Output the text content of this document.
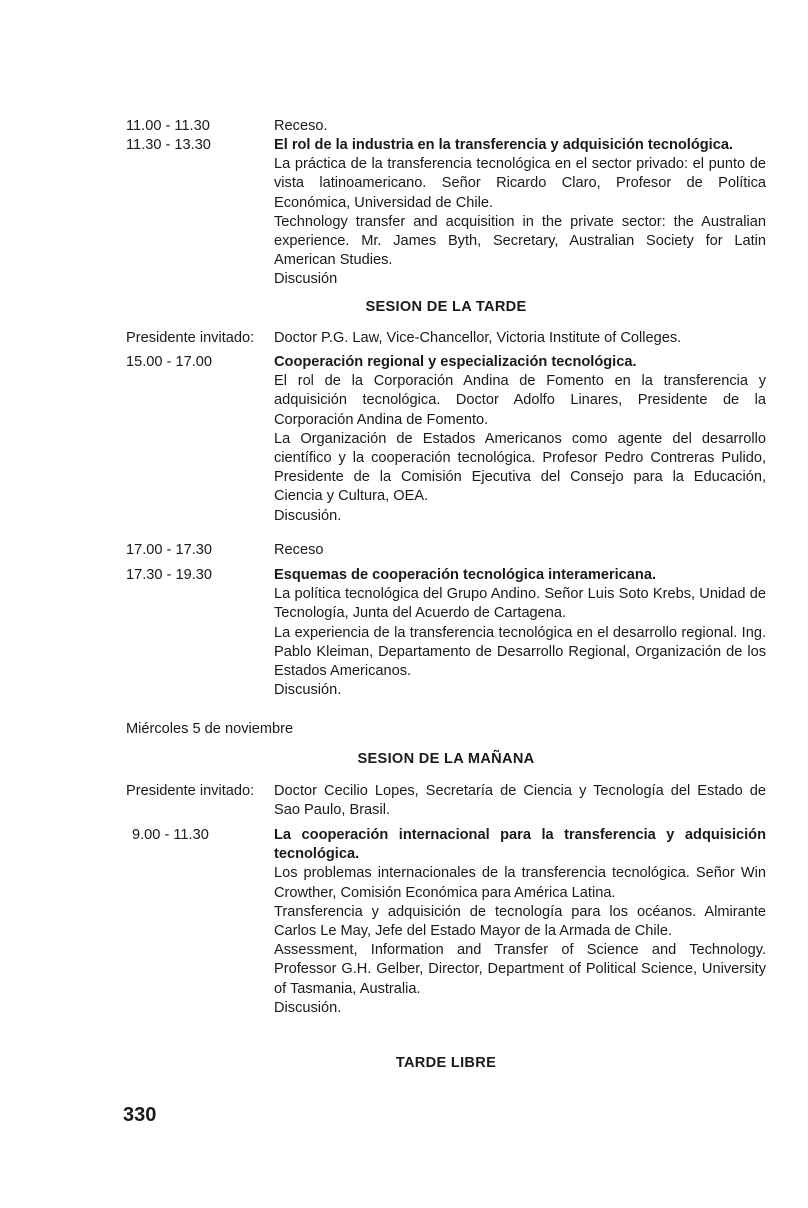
11.00 - 11.30	Receso.
11.30 - 13.30	El rol de la industria en la transferencia y adquisición tecnológica.
La práctica de la transferencia tecnológica en el sector privado: el punto de vista latinoamericano. Señor Ricardo Claro, Profesor de Política Económica, Universidad de Chile.
Technology transfer and acquisition in the private sector: the Australian experience. Mr. James Byth, Secretary, Australian Society for Latin American Studies.
Discusión
SESION DE LA TARDE
Presidente invitado: Doctor P.G. Law, Vice-Chancellor, Victoria Institute of Colleges.
15.00 - 17.00	Cooperación regional y especialización tecnológica.
El rol de la Corporación Andina de Fomento en la transferencia y adquisición tecnológica. Doctor Adolfo Linares, Presidente de la Corporación Andina de Fomento.
La Organización de Estados Americanos como agente del desarrollo científico y la cooperación tecnológica. Profesor Pedro Contreras Pulido, Presidente de la Comisión Ejecutiva del Consejo para la Educación, Ciencia y Cultura, OEA.
Discusión.
17.00 - 17.30	Receso
17.30 - 19.30	Esquemas de cooperación tecnológica interamericana.
La política tecnológica del Grupo Andino. Señor Luis Soto Krebs, Unidad de Tecnología, Junta del Acuerdo de Cartagena.
La experiencia de la transferencia tecnológica en el desarrollo regional. Ing. Pablo Kleiman, Departamento de Desarrollo Regional, Organización de los Estados Americanos.
Discusión.
Miércoles 5 de noviembre
SESION DE LA MAÑANA
Presidente invitado: Doctor Cecilio Lopes, Secretaría de Ciencia y Tecnología del Estado de Sao Paulo, Brasil.
9.00 - 11.30	La cooperación internacional para la transferencia y adquisición tecnológica.
Los problemas internacionales de la transferencia tecnológica. Señor Win Crowther, Comisión Económica para América Latina.
Transferencia y adquisición de tecnología para los océanos. Almirante Carlos Le May, Jefe del Estado Mayor de la Armada de Chile.
Assessment, Information and Transfer of Science and Technology. Professor G.H. Gelber, Director, Department of Political Science, University of Tasmania, Australia.
Discusión.
TARDE LIBRE
330
